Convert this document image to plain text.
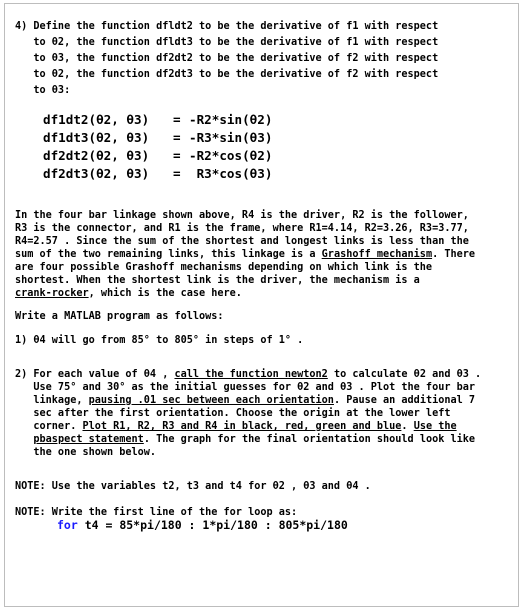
4) Define the function dfldt2 to be the derivative of f1 with respect
to θ2, the function dfldt3 to be the derivative of f1 with respect
to θ3, the function df2dt2 to be the derivative of f2 with respect
to θ2, the function df2dt3 to be the derivative of f2 with respect
to θ3:
df1dt2(θ2, θ3) = -R2*sin(θ2)
df1dt3(θ2, θ3) = -R3*sin(θ3)
df2dt2(θ2, θ3) = -R2*cos(θ2)
df2dt3(θ2, θ3) = R3*cos(θ3)
In the four bar linkage shown above, R4 is the driver, R2 is the follower,
R3 is the connector, and R1 is the frame, where R1=4.14, R2=3.26, R3=3.77,
R4=2.57 . Since the sum of the shortest and longest links is less than the
sum of the two remaining links, this linkage is a Grashoff mechanism. There
are four possible Grashoff mechanisms depending on which link is the
shortest. When the shortest link is the driver, the mechanism is a
crank-rocker, which is the case here.
Write a MATLAB program as follows:
1) θ4 will go from 85° to 805° in steps of 1° .
2) For each value of θ4 , call the function newton2 to calculate θ2 and θ3 .
Use 75° and 30° as the initial guesses for θ2 and θ3 . Plot the four bar
linkage, pausing .01 sec between each orientation. Pause an additional 7
sec after the first orientation. Choose the origin at the lower left
corner. Plot R1, R2, R3 and R4 in black, red, green and blue. Use the
pbaspect statement. The graph for the final orientation should look like
the one shown below.
NOTE: Use the variables t2, t3 and t4 for θ2 , θ3 and θ4 .
NOTE: Write the first line of the for loop as:
for t4 = 85*pi/180 : 1*pi/180 : 805*pi/180
